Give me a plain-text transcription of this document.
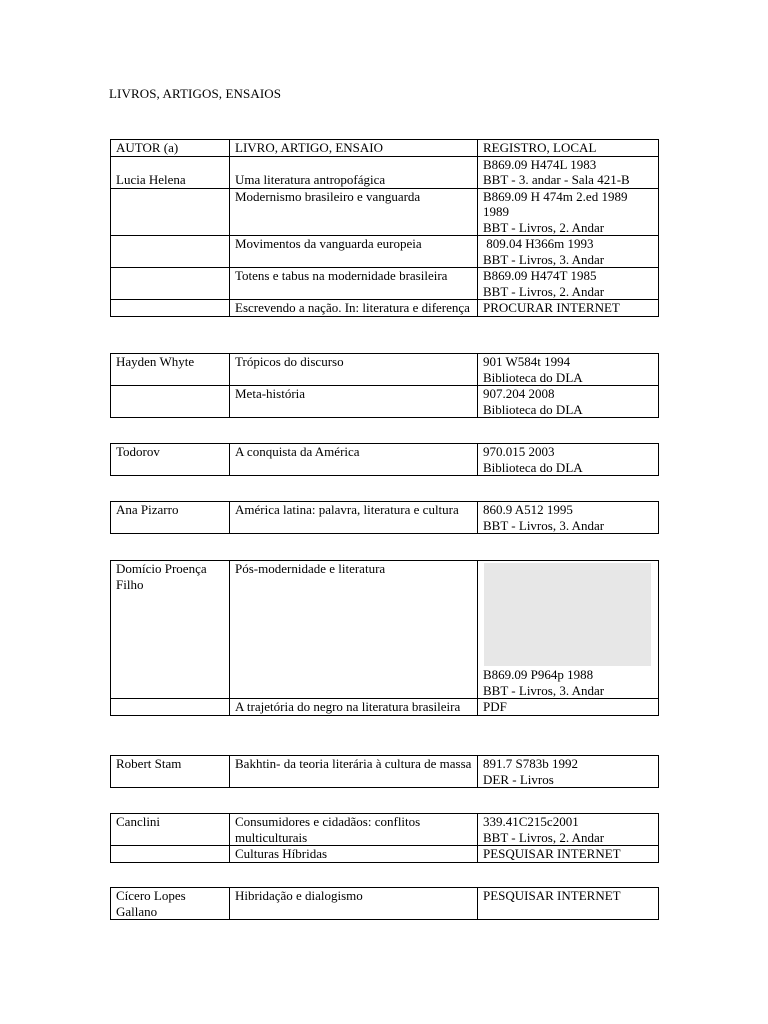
LIVROS, ARTIGOS, ENSAIOS
AUTOR (a)	LIVRO, ARTIGO, ENSAIO	REGISTRO, LOCAL
Lucia Helena	Uma literatura antropofágica	B869.09 H474L 1983
BBT - 3. andar - Sala 421-B

	Modernismo brasileiro e vanguarda	B869.09 H 474m 2.ed 1989
1989
BBT - Livros, 2. Andar

	Movimentos da vanguarda europeia	809.04 H366m 1993
BBT - Livros, 3. Andar

	Totens e tabus na modernidade brasileira	B869.09 H474T 1985
BBT - Livros, 2. Andar

	Escrevendo a nação. In: literatura e diferença	PROCURAR INTERNET
Hayden Whyte	Trópicos do discurso	901 W584t 1994
Biblioteca do DLA

	Meta-história	907.204 2008
Biblioteca do DLA
Todorov	A conquista da América	970.015 2003
Biblioteca do DLA
Ana Pizarro	América latina: palavra, literatura e cultura	860.9 A512 1995
BBT - Livros, 3. Andar
Domício Proença Filho	Pós-modernidade e literatura	B869.09 P964p 1988
BBT - Livros, 3. Andar

	A trajetória do negro na literatura brasileira	PDF
Robert Stam	Bakhtin- da teoria literária à cultura de massa	891.7 S783b 1992
DER - Livros
Canclini	Consumidores e cidadãos: conflitos multiculturais	339.41C215c2001
BBT - Livros, 2. Andar

	Culturas Híbridas	PESQUISAR INTERNET
Cícero Lopes Gallano	Hibridação e dialogismo	PESQUISAR INTERNET
